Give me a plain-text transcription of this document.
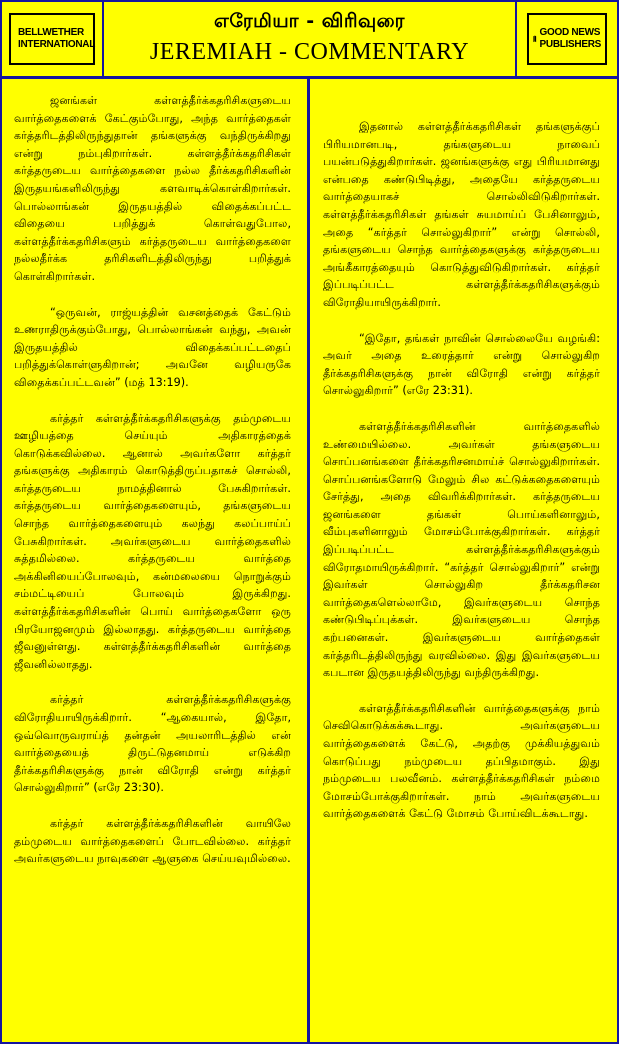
BELLWETHER
INTERNATIONAL
எரேமியா - விரிவுரை
JEREMIAH - COMMENTARY
GOOD NEWS
PUBLISHERS

ஜனங்கள் கள்ளத்தீர்க்கதரிசிகளுடைய வார்த்தைகளைக் கேட்கும்போது, அந்த வார்த்தைகள் கர்த்தரிடத்திலிருந்துதான் தங்களுக்கு வந்திருக்கிறது என்று நம்புகிறார்கள். கள்ளத்தீர்க்கதரிசிகள் கர்த்தருடைய வார்த்தைகளை நல்ல தீர்க்கதரிசிகளின் இருதயங்களிலிருந்து களவாடிக்கொள்கிறார்கள். பொல்லாங்கன் இருதயத்தில் விதைக்கப்பட்ட விதையை பறித்துக் கொள்வதுபோல, கள்ளத்தீர்க்கதரிசிகளும் கர்த்தருடைய வார்த்தைகளை நல்லதீர்க்க தரிசிகளிடத்திலிருந்து பறித்துக் கொள்கிறார்கள்.

“ஒருவன், ராஜ்யத்தின் வசனத்தைக் கேட்டும் உணராதிருக்கும்போது, பொல்லாங்கன் வந்து, அவன் இருதயத்தில் விதைக்கப்பட்டதைப் பறித்துக்கொள்ளுகிறான்; அவனே வழியருகே விதைக்கப்பட்டவன்” (மத் 13:19).

கர்த்தர் கள்ளத்தீர்க்கதரிசிகளுக்கு தம்முடைய ஊழியத்தை செய்யும் அதிகாரத்தைக் கொடுக்கவில்லை. ஆனால் அவர்களோ கர்த்தர் தங்களுக்கு அதிகாரம் கொடுத்திருப்பதாகச் சொல்லி, கர்த்தருடைய நாமத்தினால் பேசுகிறார்கள். கர்த்தருடைய வார்த்தைகளையும், தங்களுடைய சொந்த வார்த்தைகளையும் கலந்து கலப்பாய்ப் பேசுகிறார்கள். அவர்களுடைய வார்த்தைகளில் சுத்தமில்லை. கர்த்தருடைய வார்த்தை அக்கினியைப்போலவும், கன்மலையை நொறுக்கும் சம்மட்டியைப் போலவும் இருக்கிறது. கள்ளத்தீர்க்கதரிசிகளின் பொய் வார்த்தைகளோ ஒரு பிரயோஜனமும் இல்லாதது. கர்த்தருடைய வார்த்தை ஜீவனுள்ளது. கள்ளத்தீர்க்கதரிசிகளின் வார்த்தை ஜீவனில்லாதது.

கர்த்தர் கள்ளத்தீர்க்கதரிசிகளுக்கு விரோதியாயிருக்கிறார். “ஆகையால், இதோ, ஒவ்வொருவராய்த் தன்தன் அயலாரிடத்தில் என் வார்த்தையைத் திருட்டுதனமாய் எடுக்கிற தீர்க்கதரிசிகளுக்கு நான் விரோதி என்று கர்த்தர் சொல்லுகிறார்” (எரே 23:30).

கர்த்தர் கள்ளத்தீர்க்கதரிசிகளின் வாயிலே தம்முடைய வார்த்தைகளைப் போடவில்லை. கர்த்தர் அவர்களுடைய நாவுகளை ஆளுகை செய்யவுமில்லை.

இதனால் கள்ளத்தீர்க்கதரிசிகள் தங்களுக்குப் பிரியமானபடி, தங்களுடைய நாவைப் பயன்படுத்துகிறார்கள். ஜனங்களுக்கு எது பிரியமானது என்பதை கண்டுபிடித்து, அதையே கர்த்தருடைய வார்த்தையாகச் சொல்லிவிடுகிறார்கள். கள்ளத்தீர்க்கதரிசிகள் தங்கள் சுயமாய்ப் பேசினாலும், அதை “கர்த்தர் சொல்லுகிறார்” என்று சொல்லி, தங்களுடைய சொந்த வார்த்தைகளுக்கு கர்த்தருடைய அங்கீகாரத்தையும் கொடுத்துவிடுகிறார்கள். கர்த்தர் இப்படிப்பட்ட கள்ளத்தீர்க்கதரிசிகளுக்கும் விரோதியாயிருக்கிறார்.

“இதோ, தங்கள் நாவின் சொல்லையே வழங்கி: அவர் அதை உரைத்தார் என்று சொல்லுகிற தீர்க்கதரிசிகளுக்கு நான் விரோதி என்று கர்த்தர் சொல்லுகிறார்” (எரே 23:31).

கள்ளத்தீர்க்கதரிசிகளின் வார்த்தைகளில் உண்மையில்லை. அவர்கள் தங்களுடைய சொப்பனங்களை தீர்க்கதரிசனமாய்ச் சொல்லுகிறார்கள். சொப்பனங்களோடு மேலும் சில கட்டுக்கதைகளையும் சேர்த்து, அதை விவரிக்கிறார்கள். கர்த்தருடைய ஜனங்களை தங்கள் பொய்களினாலும், வீம்புகளினாலும் மோசம்போக்குகிறார்கள். கர்த்தர் இப்படிப்பட்ட கள்ளத்தீர்க்கதரிசிகளுக்கும் விரோதமாயிருக்கிறார். “கர்த்தர் சொல்லுகிறார்” என்று இவர்கள் சொல்லுகிற தீர்க்கதரிசன வார்த்தைகளெல்லாமே, இவர்களுடைய சொந்த கண்டுபிடிப்புக்கள். இவர்களுடைய சொந்த கற்பனைகள். இவர்களுடைய வார்த்தைகள் கர்த்தரிடத்திலிருந்து வரவில்லை. இது இவர்களுடைய கபடான இருதயத்திலிருந்து வந்திருக்கிறது.

கள்ளத்தீர்க்கதரிசிகளின் வார்த்தைகளுக்கு நாம் செவிகொடுக்கக்கூடாது. அவர்களுடைய வார்த்தைகளைக் கேட்டு, அதற்கு முக்கியத்துவம் கொடுப்பது நம்முடைய தப்பிதமாகும். இது நம்முடைய பலவீனம். கள்ளத்தீர்க்கதரிசிகள் நம்மை மோசம்போக்குகிறார்கள். நாம் அவர்களுடைய வார்த்தைகளைக் கேட்டு மோசம் போய்விடக்கூடாது.
